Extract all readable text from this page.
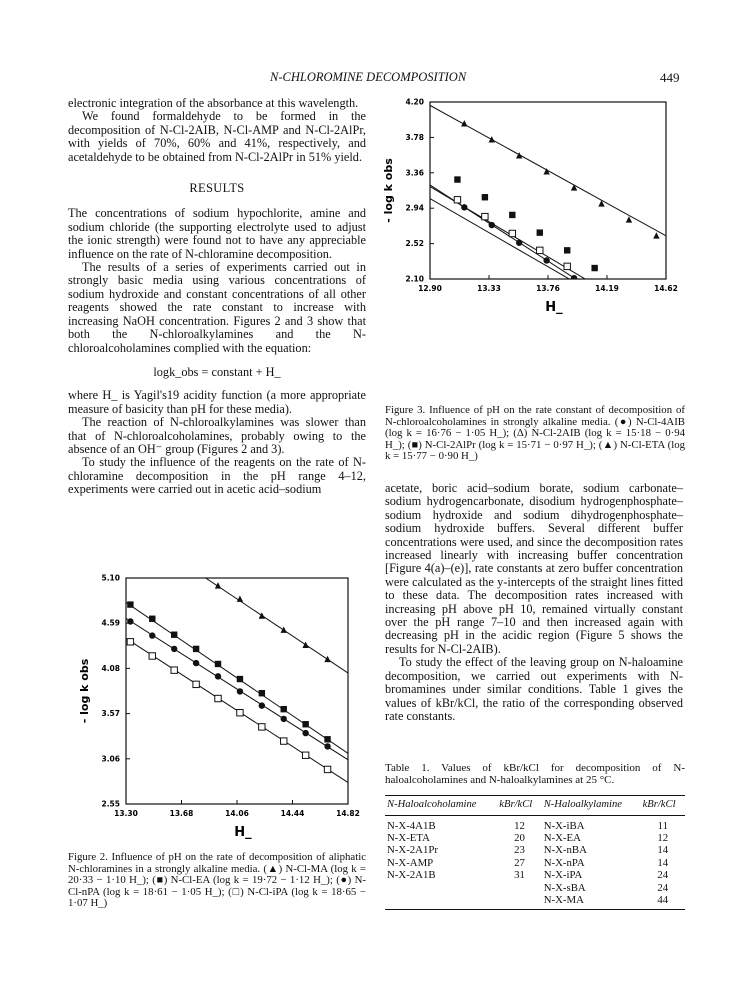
N-CHLOROMINE DECOMPOSITION	449

electronic integration of the absorbance at this wavelength.

We found formaldehyde to be formed in the decomposition of N-Cl-2AIB, N-Cl-AMP and N-Cl-2AlPr, with yields of 70%, 60% and 41%, respectively, and acetaldehyde to be obtained from N-Cl-2AlPr in 51% yield.

RESULTS

The concentrations of sodium hypochlorite, amine and sodium chloride (the supporting electrolyte used to adjust the ionic strength) were found not to have any appreciable influence on the rate of N-chloramine decomposition.

The results of a series of experiments carried out in strongly basic media using various concentrations of sodium hydroxide and constant concentrations of all other reagents showed the rate constant to increase with increasing NaOH concentration. Figures 2 and 3 show that both the N-chloroalkylamines and the N-chloroalcoholamines complied with the equation:

logk_obs = constant + H_

where H_ is Yagil's19 acidity function (a more appropriate measure of basicity than pH for these media).

The reaction of N-chloroalkylamines was slower than that of N-chloroalcoholamines, probably owing to the absence of an OH⁻ group (Figures 2 and 3).

To study the influence of the reagents on the rate of N-chloramine decomposition in the pH range 4–12, experiments were carried out in acetic acid–sodium

12.90	13.33	13.76	14.19	14.62
4.20
3.78
3.36
2.94
2.52
2.10
H_
- log k obs
Figure 3. Influence of pH on the rate constant of decomposition of N-chloroalcoholamines in strongly alkaline media. (●) N-Cl-4AIB (log k = 16·76 − 1·05 H_); (Δ) N-Cl-2AIB (log k = 15·18 − 0·94 H_); (■) N-Cl-2AlPr (log k = 15·71 − 0·97 H_); (▲) N-Cl-ETA (log k = 15·77 − 0·90 H_)

acetate, boric acid–sodium borate, sodium carbonate–sodium hydrogencarbonate, disodium hydrogenphosphate–sodium hydroxide and sodium dihydrogenphosphate–sodium hydroxide buffers. Several different buffer concentrations were used, and since the decomposition rates increased linearly with increasing buffer concentration [Figure 4(a)–(e)], rate constants at zero buffer concentration were calculated as the y-intercepts of the straight lines fitted to these data. The decomposition rates increased with increasing pH above pH 10, remained virtually constant over the pH range 7–10 and then increased again with decreasing pH in the acidic region (Figure 5 shows the results for N-Cl-2AIB).

To study the effect of the leaving group on N-haloamine decomposition, we carried out experiments with N-bromamines under similar conditions. Table 1 gives the values of kBr/kCl, the ratio of the corresponding observed rate constants.

13.30	13.68	14.06	14.44	14.82
5.10
4.59
4.08
3.57
3.06
2.55
H_
- log k obs
Figure 2. Influence of pH on the rate of decomposition of aliphatic N-chloramines in a strongly alkaline media. (▲) N-Cl-MA (log k = 20·33 − 1·10 H_); (■) N-Cl-EA (log k = 19·72 − 1·12 H_); (●) N-Cl-nPA (log k = 18·61 − 1·05 H_); (□) N-Cl-iPA (log k = 18·65 − 1·07 H_)
Table 1. Values of kBr/kCl for decomposition of N-haloalcoholamines and N-haloalkylamines at 25 °C.
N-Haloalcoholamine	kBr/kCl	N-Haloalkylamine	kBr/kCl
N-X-4A1B	12	N-X-iBA	11
N-X-ETA	20	N-X-EA	12
N-X-2A1Pr	23	N-X-nBA	14
N-X-AMP	27	N-X-nPA	14
N-X-2A1B	31	N-X-iPA	24
		N-X-sBA	24
		N-X-MA	44
